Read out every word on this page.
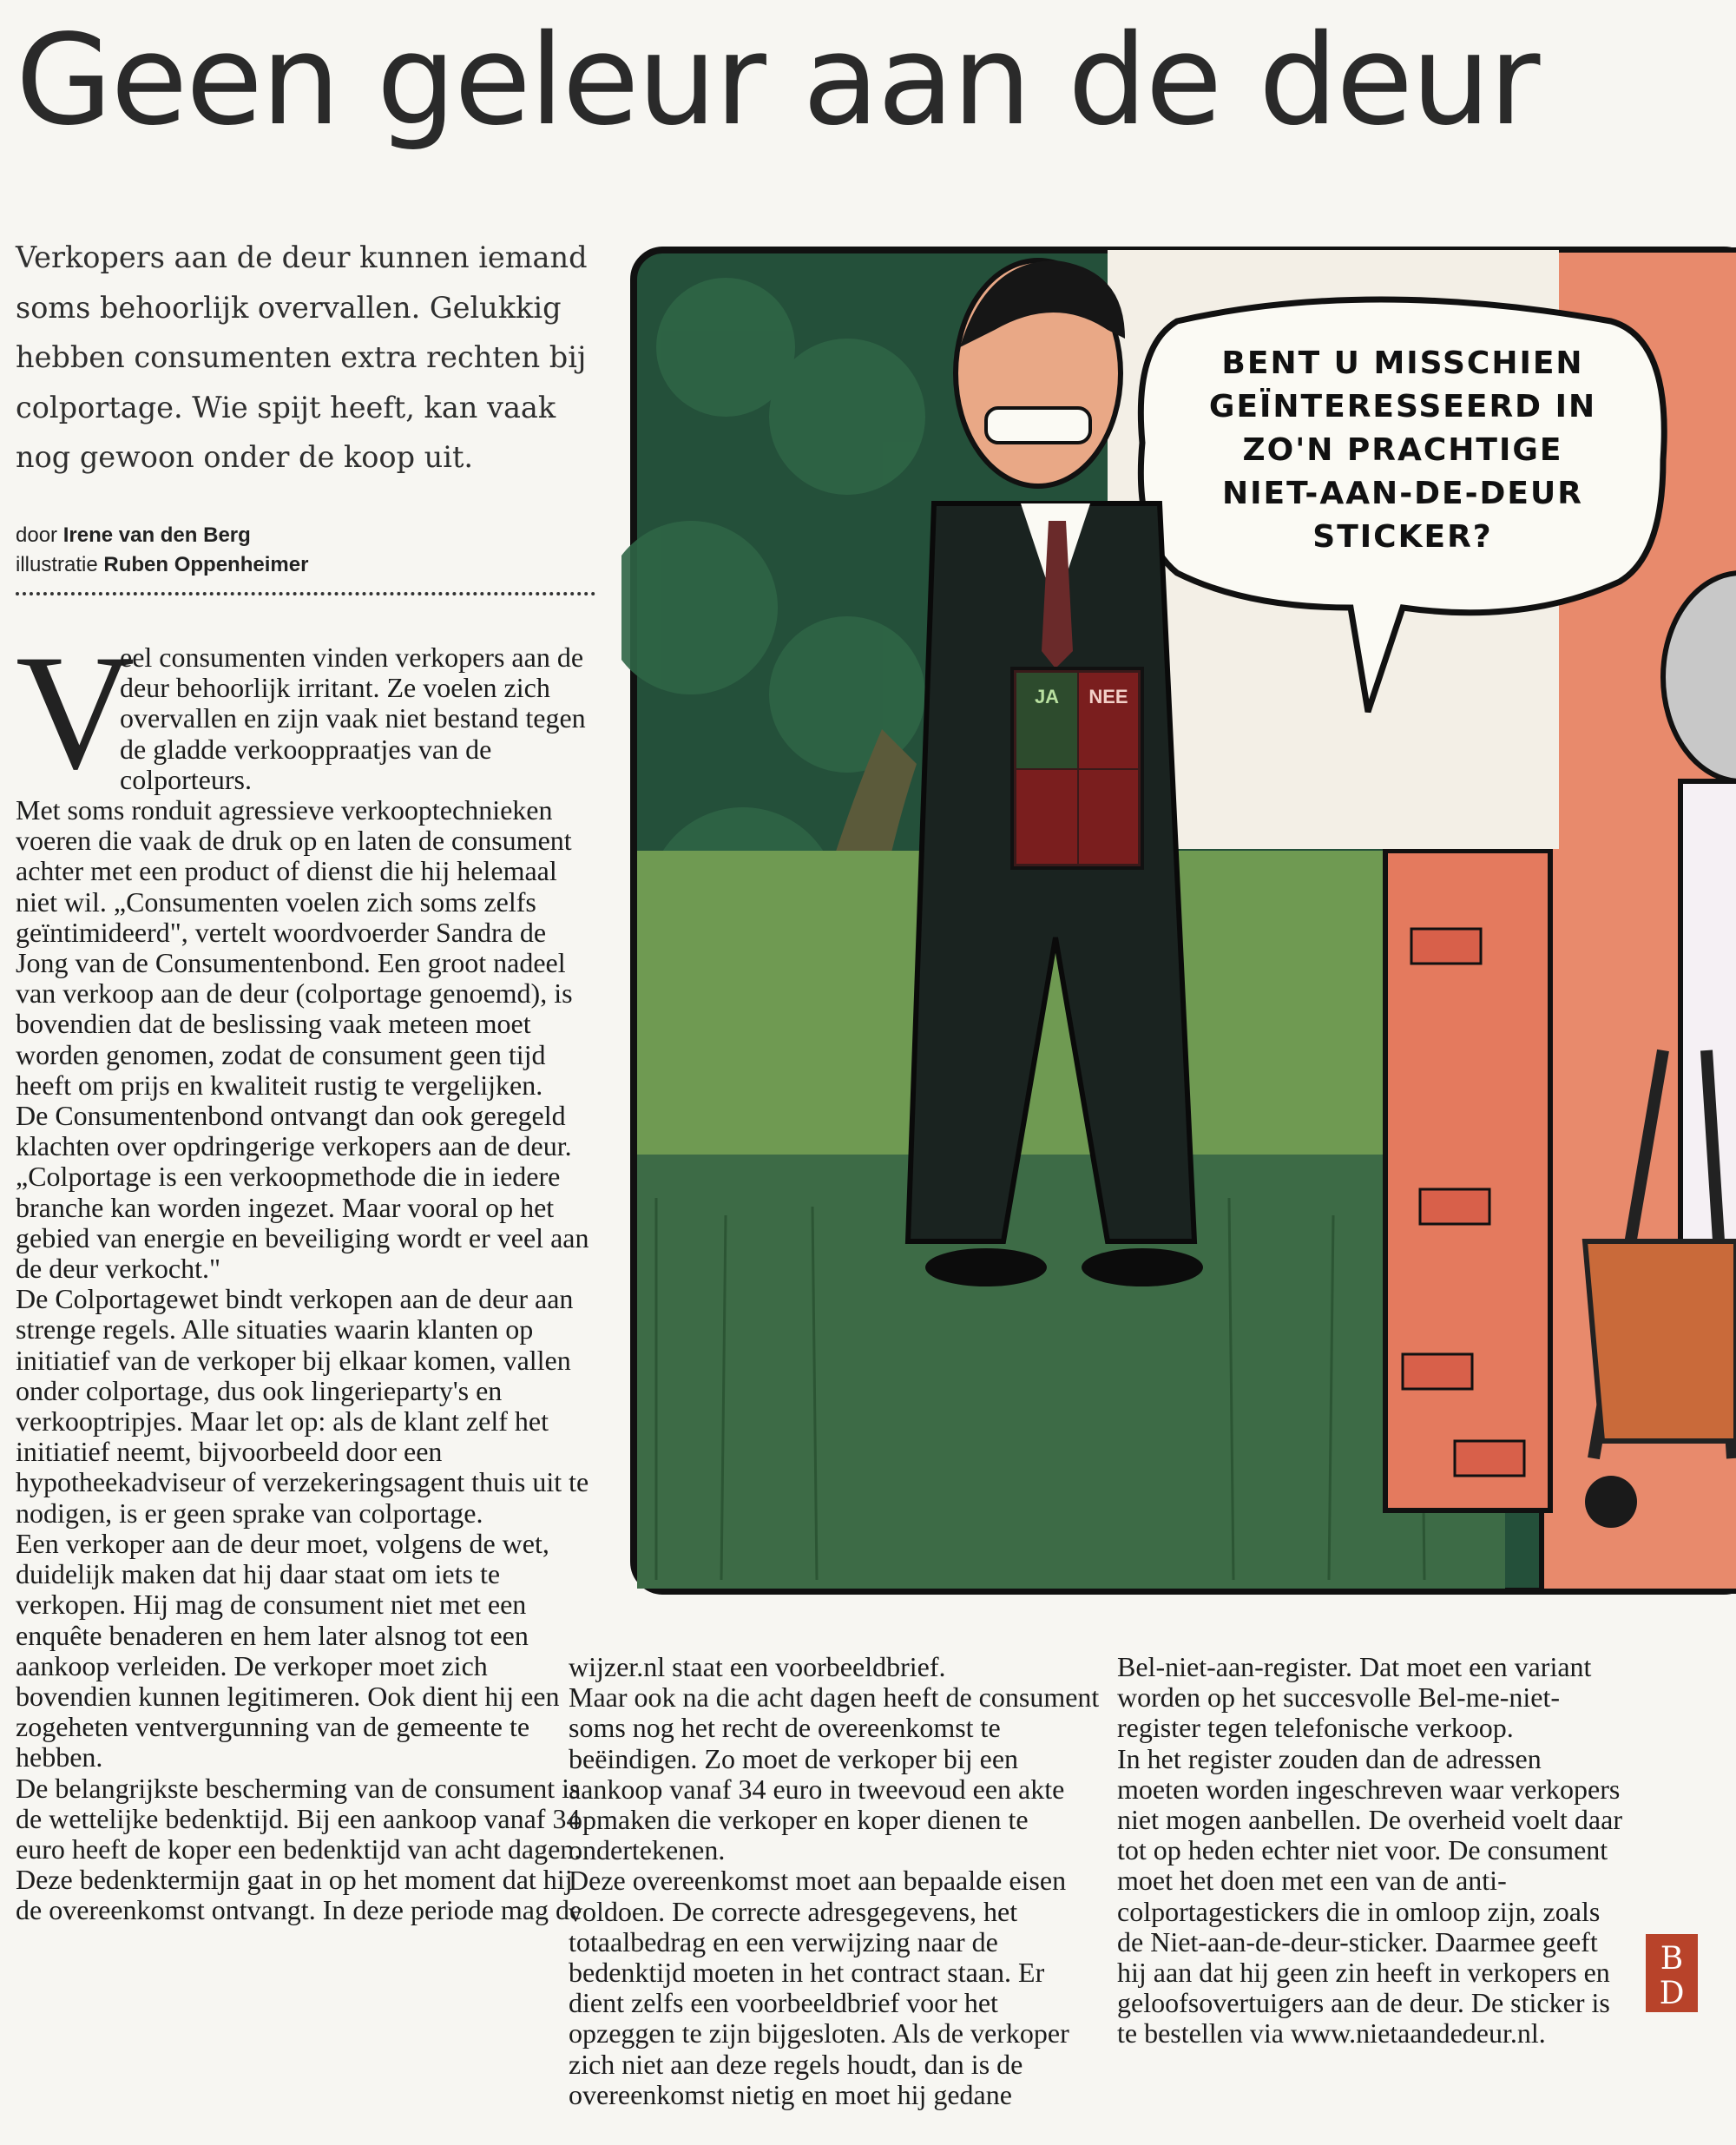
Geen geleur aan de deur

Verkopers aan de deur kunnen iemand soms behoorlijk overvallen. Gelukkig hebben consumenten extra rechten bij colportage. Wie spijt heeft, kan vaak nog gewoon onder de koop uit.

door Irene van den Berg
illustratie Ruben Oppenheimer
BENT U MISSCHIEN
GEÏNTERESSEERD IN
ZO'N PRACHTIGE
NIET-AAN-DE-DEUR
STICKER?
JA NEE
V

eel consumenten vinden verkopers aan de deur behoorlijk irritant. Ze voelen zich overvallen en zijn vaak niet bestand tegen de gladde verkooppraatjes van de colporteurs.

Met soms ronduit agressieve verkooptechnieken voeren die vaak de druk op en laten de consument achter met een product of dienst die hij helemaal niet wil. „Consumenten voelen zich soms zelfs geïntimideerd", vertelt woordvoerder Sandra de Jong van de Consumentenbond. Een groot nadeel van verkoop aan de deur (colportage genoemd), is bovendien dat de beslissing vaak meteen moet worden genomen, zodat de consument geen tijd heeft om prijs en kwaliteit rustig te vergelijken.

De Consumentenbond ontvangt dan ook geregeld klachten over opdringerige verkopers aan de deur. „Colportage is een verkoopmethode die in iedere branche kan worden ingezet. Maar vooral op het gebied van energie en beveiliging wordt er veel aan de deur verkocht."

De Colportagewet bindt verkopen aan de deur aan strenge regels. Alle situaties waarin klanten op initiatief van de verkoper bij elkaar komen, vallen onder colportage, dus ook lingerieparty's en verkooptripjes. Maar let op: als de klant zelf het initiatief neemt, bijvoorbeeld door een hypotheekadviseur of verzekeringsagent thuis uit te nodigen, is er geen sprake van colportage.

Een verkoper aan de deur moet, volgens de wet, duidelijk maken dat hij daar staat om iets te verkopen. Hij mag de consument niet met een enquête benaderen en hem later alsnog tot een aankoop verleiden. De verkoper moet zich bovendien kunnen legitimeren. Ook dient hij een zogeheten ventvergunning van de gemeente te hebben.

De belangrijkste bescherming van de consument is de wettelijke bedenktijd. Bij een aankoop vanaf 34 euro heeft de koper een bedenktijd van acht dagen. Deze bedenktermijn gaat in op het moment dat hij de overeenkomst ontvangt. In deze periode mag de

wijzer.nl staat een voorbeeldbrief.

Maar ook na die acht dagen heeft de consument soms nog het recht de overeenkomst te beëindigen. Zo moet de verkoper bij een aankoop vanaf 34 euro in tweevoud een akte opmaken die verkoper en koper dienen te ondertekenen.

Deze overeenkomst moet aan bepaalde eisen voldoen. De correcte adresgegevens, het totaalbedrag en een verwijzing naar de bedenktijd moeten in het contract staan. Er dient zelfs een voorbeeldbrief voor het opzeggen te zijn bijgesloten. Als de verkoper zich niet aan deze regels houdt, dan is de overeenkomst nietig en moet hij gedane

Bel-niet-aan-register. Dat moet een variant worden op het succesvolle Bel-me-niet-register tegen telefonische verkoop.

In het register zouden dan de adressen moeten worden ingeschreven waar verkopers niet mogen aanbellen. De overheid voelt daar tot op heden echter niet voor. De consument moet het doen met een van de anti-colportagestickers die in omloop zijn, zoals de Niet-aan-de-deur-sticker. Daarmee geeft hij aan dat hij geen zin heeft in verkopers en geloofsovertuigers aan de deur. De sticker is te bestellen via www.nietaandedeur.nl.

B
D
